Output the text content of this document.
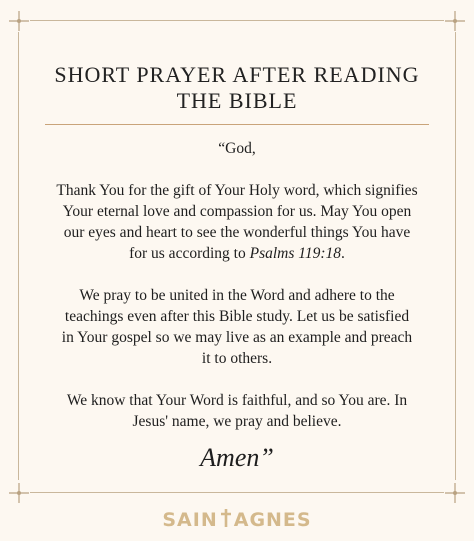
SHORT PRAYER AFTER READING
THE BIBLE

“God,

Thank You for the gift of Your Holy word, which signifies
Your eternal love and compassion for us. May You open
our eyes and heart to see the wonderful things You have
for us according to Psalms 119:18.

We pray to be united in the Word and adhere to the
teachings even after this Bible study. Let us be satisfied
in Your gospel so we may live as an example and preach
it to others.

We know that Your Word is faithful, and so You are. In
Jesus' name, we pray and believe.

Amen”
SAIN AGNES
